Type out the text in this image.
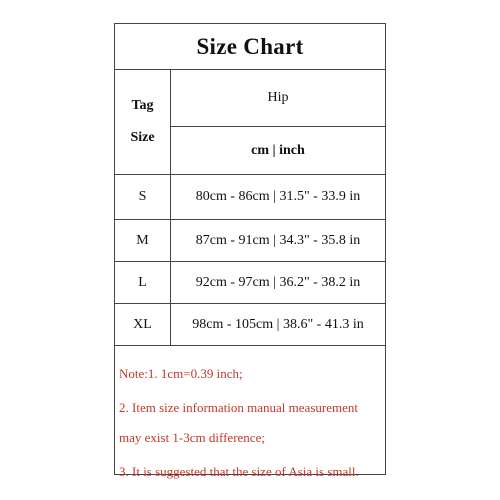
Size Chart
Tag
Size
Hip
cm | inch
S	80cm - 86cm | 31.5" - 33.9 in
M	87cm - 91cm | 34.3" - 35.8 in
L	92cm - 97cm | 36.2" - 38.2 in
XL	98cm - 105cm | 38.6" - 41.3 in
Note:1. 1cm=0.39 inch;
2. Item size information manual measurement
may exist 1-3cm difference;
3. It is suggested that the size of Asia is small.
